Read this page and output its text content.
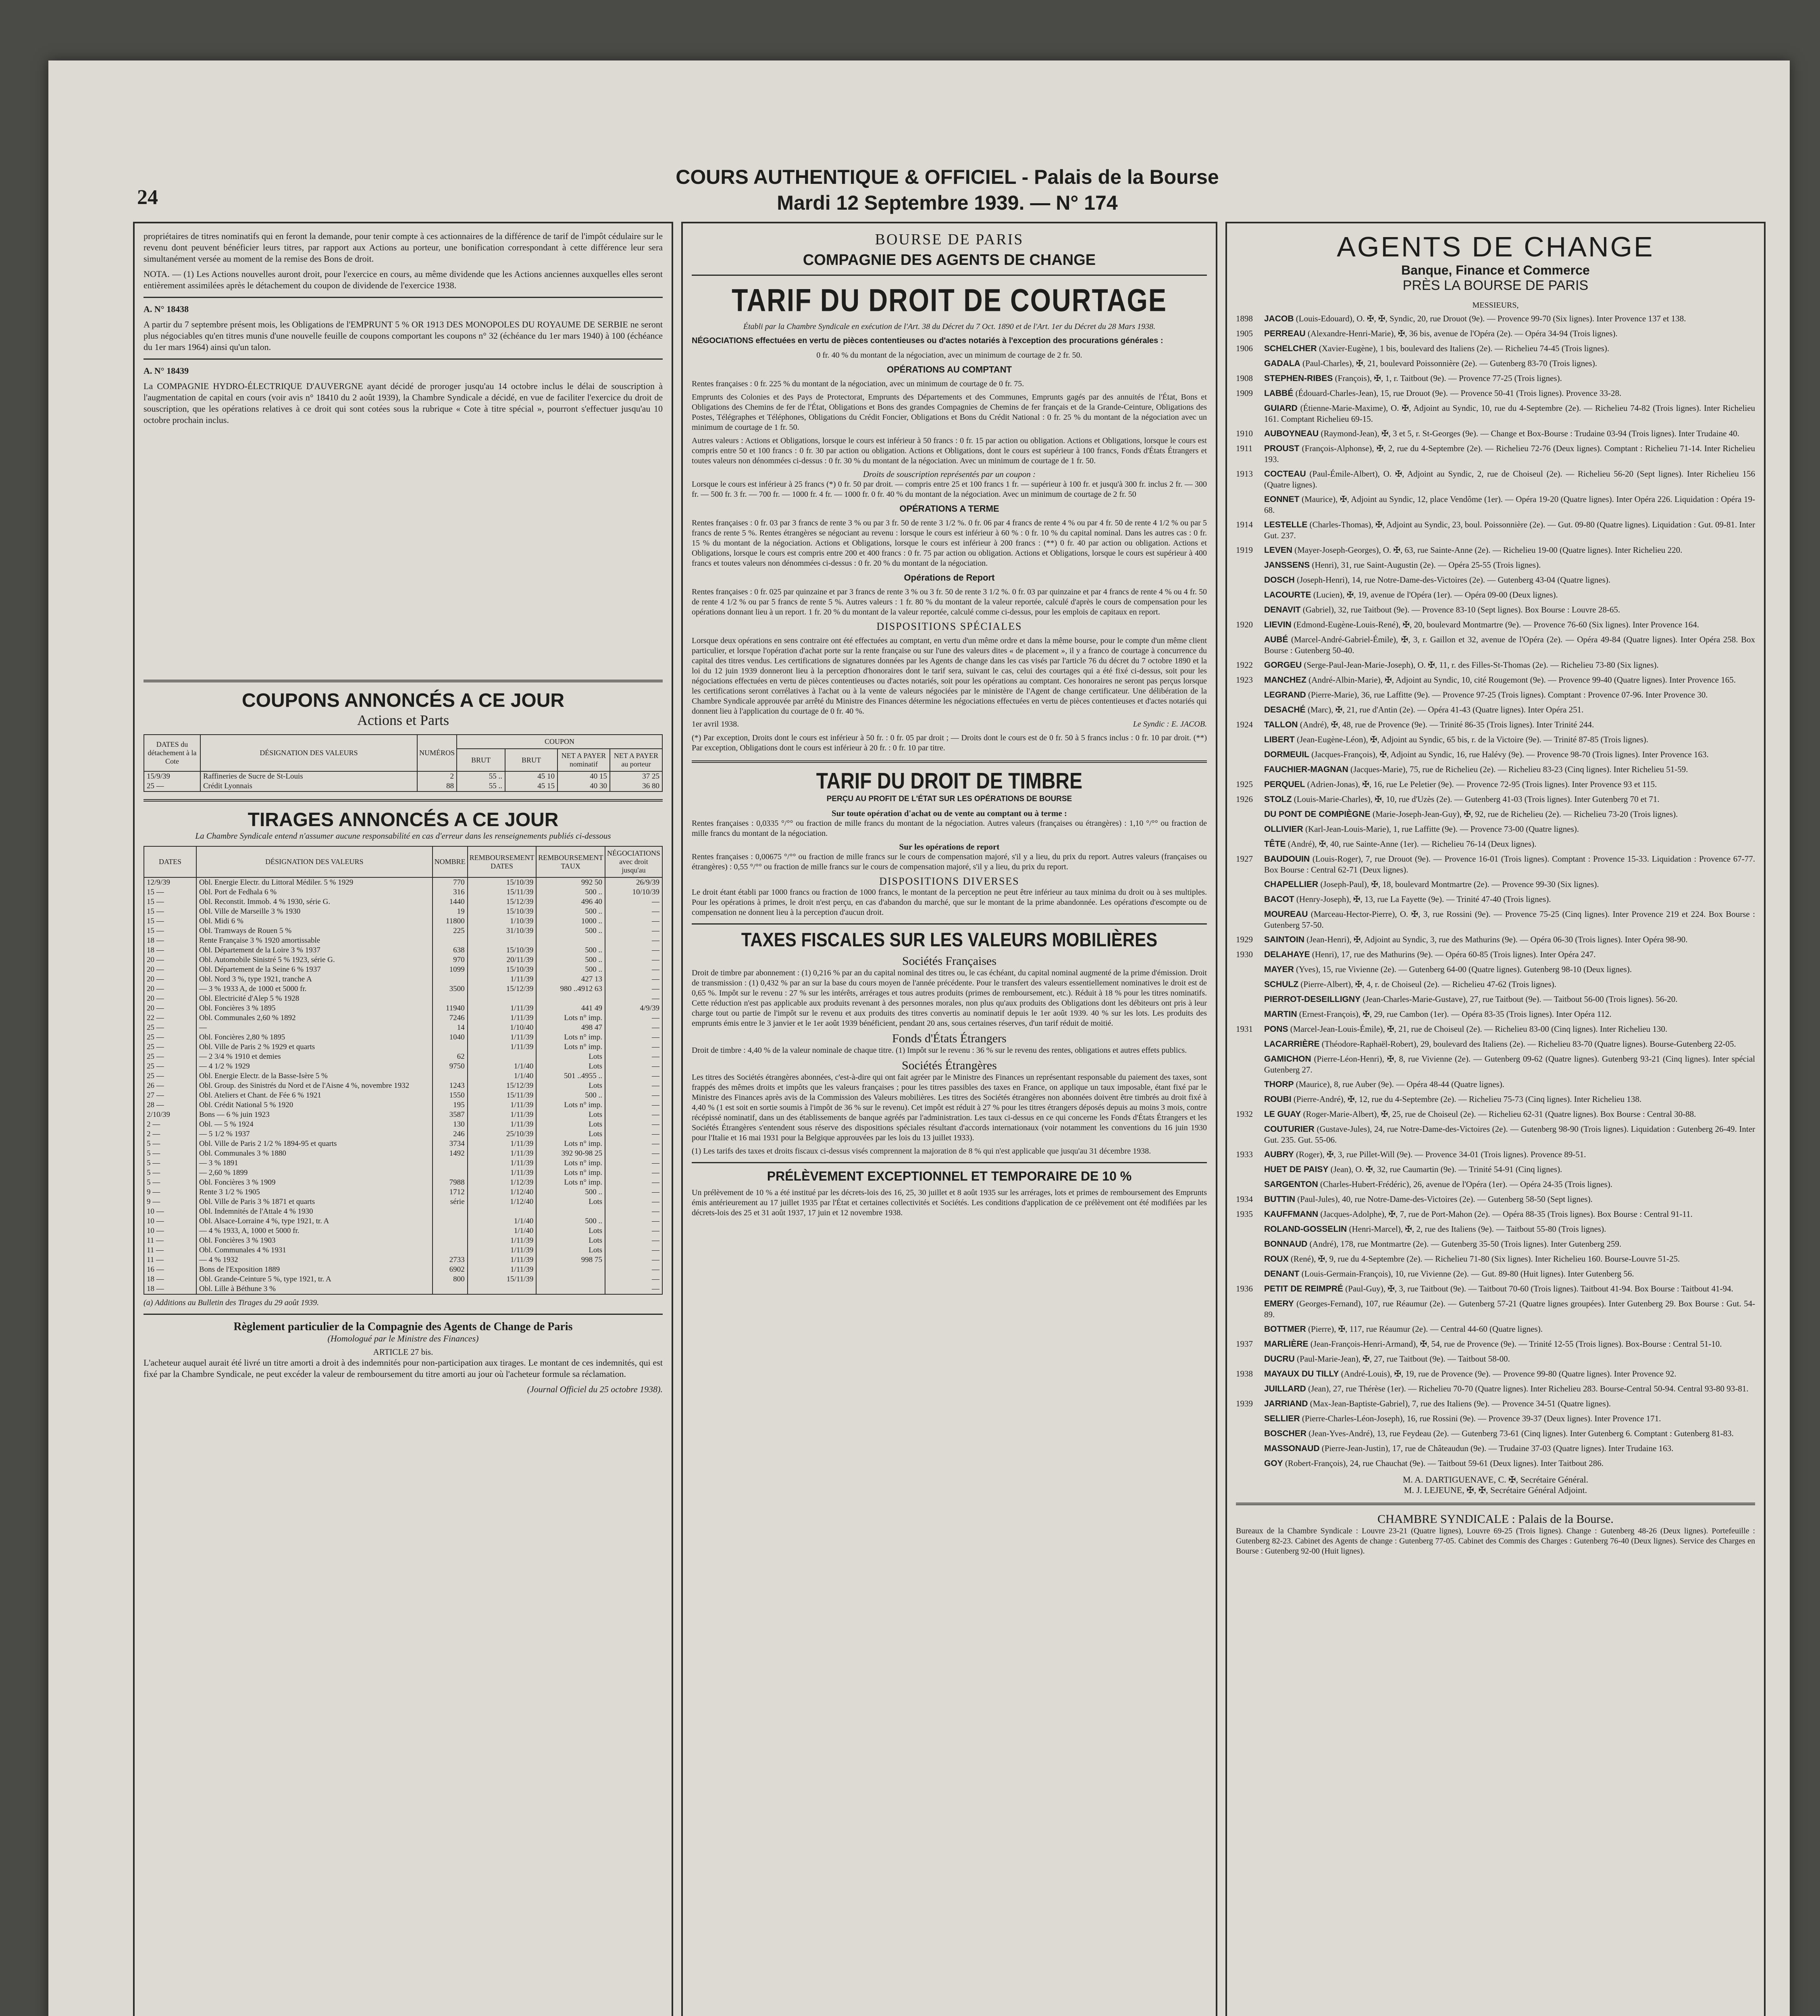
24
COURS AUTHENTIQUE & OFFICIEL - Palais de la Bourse
Mardi 12 Septembre 1939. — N° 174

propriétaires de titres nominatifs qui en feront la demande, pour tenir compte à ces actionnaires de la différence de tarif de l'impôt cédulaire sur le revenu dont peuvent bénéficier leurs titres, par rapport aux Actions au porteur, une bonification correspondant à cette différence leur sera simultanément versée au moment de la remise des Bons de droit.

NOTA. — (1) Les Actions nouvelles auront droit, pour l'exercice en cours, au même dividende que les Actions anciennes auxquelles elles seront entièrement assimilées après le détachement du coupon de dividende de l'exercice 1938.

A. N° 18438

A partir du 7 septembre présent mois, les Obligations de l'EMPRUNT 5 % OR 1913 DES MONOPOLES DU ROYAUME DE SERBIE ne seront plus négociables qu'en titres munis d'une nouvelle feuille de coupons comportant les coupons n° 32 (échéance du 1er mars 1940) à 100 (échéance du 1er mars 1964) ainsi qu'un talon.

A. N° 18439

La COMPAGNIE HYDRO-ÉLECTRIQUE D'AUVERGNE ayant décidé de proroger jusqu'au 14 octobre inclus le délai de souscription à l'augmentation de capital en cours (voir avis n° 18410 du 2 août 1939), la Chambre Syndicale a décidé, en vue de faciliter l'exercice du droit de souscription, que les opérations relatives à ce droit qui sont cotées sous la rubrique « Cote à titre spécial », pourront s'effectuer jusqu'au 10 octobre prochain inclus.

COUPONS ANNONCÉS A CE JOUR
Actions et Parts
DATES du détachement à la Cote	DÉSIGNATION DES VALEURS	NUMÉROS	COUPON			
			BRUT	BRUT	NET A PAYER nominatif	NET A PAYER au porteur
15/9/39	Raffineries de Sucre de St-Louis	2	55 ..	45 10	40 15	37 25
25 —	Crédit Lyonnais	88	55 ..	45 15	40 30	36 80
TIRAGES ANNONCÉS A CE JOUR
La Chambre Syndicale entend n'assumer aucune responsabilité en cas d'erreur dans les renseignements publiés ci-dessous
DATES	DÉSIGNATION DES VALEURS	NOMBRE	REMBOURSEMENT DATES	REMBOURSEMENT TAUX	NÉGOCIATIONS avec droit jusqu'au
12/9/39	Obl. Energie Electr. du Littoral Médiler. 5 % 1929	770	15/10/39	992 50	26/9/39
15 —	Obl. Port de Fedhala 6 %	316	15/11/39	500 ..	10/10/39
15 —	Obl. Reconstit. Immob. 4 % 1930, série G.	1440	15/12/39	496 40	—
15 —	Obl. Ville de Marseille 3 % 1930	19	15/10/39	500 ..	—
15 —	Obl. Midi 6 %	11800	1/10/39	1000 ..	—
15 —	Obl. Tramways de Rouen 5 %	225	31/10/39	500 ..	—
18 —	Rente Française 3 % 1920 amortissable				—
18 —	Obl. Département de la Loire 3 % 1937	638	15/10/39	500 ..	—
20 —	Obl. Automobile Sinistré 5 % 1923, série G.	970	20/11/39	500 ..	—
20 —	Obl. Département de la Seine 6 % 1937	1099	15/10/39	500 ..	—
20 —	Obl. Nord 3 %, type 1921, tranche A		1/11/39	427 13	—
20 —	— 3 % 1933 A, de 1000 et 5000 fr.	3500	15/12/39	980 ..4912 63	—
20 —	Obl. Electricité d'Alep 5 % 1928				—
20 —	Obl. Foncières 3 % 1895	11940	1/11/39	441 49	4/9/39
22 —	Obl. Communales 2,60 % 1892	7246	1/11/39	Lots n° imp.	—
25 —	—	14	1/10/40	498 47	—
25 —	Obl. Foncières 2,80 % 1895	1040	1/11/39	Lots n° imp.	—
25 —	Obl. Ville de Paris 2 % 1929 et quarts		1/11/39	Lots n° imp.	—
25 —	— 2 3/4 % 1910 et demies	62		Lots	—
25 —	— 4 1/2 % 1929	9750	1/1/40	Lots	—
25 —	Obl. Energie Electr. de la Basse-Isère 5 %		1/1/40	501 ..4955 ..	—
26 —	Obl. Group. des Sinistrés du Nord et de l'Aisne 4 %, novembre 1932	1243	15/12/39	Lots	—
27 —	Obl. Ateliers et Chant. de Fée 6 % 1921	1550	15/11/39	500 ..	—
28 —	Obl. Crédit National 5 % 1920	195	1/11/39	Lots n° imp.	—
2/10/39	Bons — 6 % juin 1923	3587	1/11/39	Lots	—
2 —	Obl. — 5 % 1924	130	1/11/39	Lots	—
2 —	— 5 1/2 % 1937	246	25/10/39	Lots	—
5 —	Obl. Ville de Paris 2 1/2 % 1894-95 et quarts	3734	1/11/39	Lots n° imp.	—
5 —	Obl. Communales 3 % 1880	1492	1/11/39	392 90-98 25	—
5 —	— 3 % 1891		1/11/39	Lots n° imp.	—
5 —	— 2,60 % 1899		1/11/39	Lots n° imp.	—
5 —	Obl. Foncières 3 % 1909	7988	1/12/39	Lots n° imp.	—
9 —	Rente 3 1/2 % 1905	1712	1/12/40	500 ..	—
9 —	Obl. Ville de Paris 3 % 1871 et quarts	série	1/12/40	Lots	—
10 —	Obl. Indemnités de l'Attale 4 % 1930				—
10 —	Obl. Alsace-Lorraine 4 %, type 1921, tr. A		1/1/40	500 ..	—
10 —	— 4 % 1933, A, 1000 et 5000 fr.		1/1/40	Lots	—
11 —	Obl. Foncières 3 % 1903		1/11/39	Lots	—
11 —	Obl. Communales 4 % 1931		1/11/39	Lots	—
11 —	— 4 % 1932	2733	1/11/39	998 75	—
16 —	Bons de l'Exposition 1889	6902	1/11/39		—
18 —	Obl. Grande-Ceinture 5 %, type 1921, tr. A	800	15/11/39		—
18 —	Obl. Lille à Béthune 3 %				—

(a) Additions au Bulletin des Tirages du 29 août 1939.

Règlement particulier de la Compagnie des Agents de Change de Paris
(Homologué par le Ministre des Finances)
ARTICLE 27 bis.

L'acheteur auquel aurait été livré un titre amorti a droit à des indemnités pour non-participation aux tirages. Le montant de ces indemnités, qui est fixé par la Chambre Syndicale, ne peut excéder la valeur de remboursement du titre amorti au jour où l'acheteur formule sa réclamation.

(Journal Officiel du 25 octobre 1938).

BOURSE DE PARIS
COMPAGNIE DES AGENTS DE CHANGE
TARIF DU DROIT DE COURTAGE

Établi par la Chambre Syndicale en exécution de l'Art. 38 du Décret du 7 Oct. 1890 et de l'Art. 1er du Décret du 28 Mars 1938.

NÉGOCIATIONS effectuées en vertu de pièces contentieuses ou d'actes notariés à l'exception des procurations générales :

0 fr. 40 % du montant de la négociation, avec un minimum de courtage de 2 fr. 50.

OPÉRATIONS AU COMPTANT

Rentes françaises : 0 fr. 225 % du montant de la négociation, avec un minimum de courtage de 0 fr. 75.

Emprunts des Colonies et des Pays de Protectorat, Emprunts des Départements et des Communes, Emprunts gagés par des annuités de l'État, Bons et Obligations des Chemins de fer de l'État, Obligations et Bons des grandes Compagnies de Chemins de fer français et de la Grande-Ceinture, Obligations des Postes, Télégraphes et Téléphones, Obligations du Crédit Foncier, Obligations et Bons du Crédit National : 0 fr. 25 % du montant de la négociation avec un minimum de courtage de 1 fr. 50.

Autres valeurs : Actions et Obligations, lorsque le cours est inférieur à 50 francs : 0 fr. 15 par action ou obligation. Actions et Obligations, lorsque le cours est compris entre 50 et 100 francs : 0 fr. 30 par action ou obligation. Actions et Obligations, dont le cours est supérieur à 100 francs, Fonds d'États Étrangers et toutes valeurs non dénommées ci-dessus : 0 fr. 30 % du montant de la négociation. Avec un minimum de courtage de 1 fr. 50.

Droits de souscription représentés par un coupon :

Lorsque le cours est inférieur à 25 francs (*) 0 fr. 50 par droit. — compris entre 25 et 100 francs 1 fr. — supérieur à 100 fr. et jusqu'à 300 fr. inclus 2 fr. — 300 fr. — 500 fr. 3 fr. — 700 fr. — 1000 fr. 4 fr. — 1000 fr. 0 fr. 40 % du montant de la négociation. Avec un minimum de courtage de 2 fr. 50

OPÉRATIONS A TERME

Rentes françaises : 0 fr. 03 par 3 francs de rente 3 % ou par 3 fr. 50 de rente 3 1/2 %. 0 fr. 06 par 4 francs de rente 4 % ou par 4 fr. 50 de rente 4 1/2 % ou par 5 francs de rente 5 %. Rentes étrangères se négociant au revenu : lorsque le cours est inférieur à 60 % : 0 fr. 10 % du capital nominal. Dans les autres cas : 0 fr. 15 % du montant de la négociation. Actions et Obligations, lorsque le cours est inférieur à 200 francs : (**) 0 fr. 40 par action ou obligation. Actions et Obligations, lorsque le cours est compris entre 200 et 400 francs : 0 fr. 75 par action ou obligation. Actions et Obligations, lorsque le cours est supérieur à 400 francs et toutes valeurs non dénommées ci-dessus : 0 fr. 20 % du montant de la négociation.

Opérations de Report

Rentes françaises : 0 fr. 025 par quinzaine et par 3 francs de rente 3 % ou 3 fr. 50 de rente 3 1/2 %. 0 fr. 03 par quinzaine et par 4 francs de rente 4 % ou 4 fr. 50 de rente 4 1/2 % ou par 5 francs de rente 5 %. Autres valeurs : 1 fr. 80 % du montant de la valeur reportée, calculé d'après le cours de compensation pour les opérations donnant lieu à un report. 1 fr. 20 % du montant de la valeur reportée, calculé comme ci-dessus, pour les emplois de capitaux en report.

DISPOSITIONS SPÉCIALES

Lorsque deux opérations en sens contraire ont été effectuées au comptant, en vertu d'un même ordre et dans la même bourse, pour le compte d'un même client particulier, et lorsque l'opération d'achat porte sur la rente française ou sur l'une des valeurs dites « de placement », il y a franco de courtage à concurrence du capital des titres vendus. Les certifications de signatures données par les Agents de change dans les cas visés par l'article 76 du décret du 7 octobre 1890 et la loi du 12 juin 1939 donneront lieu à la perception d'honoraires dont le tarif sera, suivant le cas, celui des courtages qui a été fixé ci-dessus, soit pour les négociations effectuées en vertu de pièces contentieuses ou d'actes notariés, soit pour les opérations au comptant. Ces honoraires ne seront pas perçus lorsque les certifications seront corrélatives à l'achat ou à la vente de valeurs négociées par le ministère de l'Agent de change certificateur. Une délibération de la Chambre Syndicale approuvée par arrêté du Ministre des Finances détermine les négociations effectuées en vertu de pièces contentieuses et d'actes notariés qui donnent lieu à l'application du courtage de 0 fr. 40 %.

1er avril 1938.	Le Syndic : E. JACOB.

(*) Par exception, Droits dont le cours est inférieur à 50 fr. : 0 fr. 05 par droit ; — Droits dont le cours est de 0 fr. 50 à 5 francs inclus : 0 fr. 10 par droit. (**) Par exception, Obligations dont le cours est inférieur à 20 fr. : 0 fr. 10 par titre.

TARIF DU DROIT DE TIMBRE
PERÇU AU PROFIT DE L'ÉTAT SUR LES OPÉRATIONS DE BOURSE
Sur toute opération d'achat ou de vente au comptant ou à terme :

Rentes françaises : 0,0335 °/°° ou fraction de mille francs du montant de la négociation. Autres valeurs (françaises ou étrangères) : 1,10 °/°° ou fraction de mille francs du montant de la négociation.

Sur les opérations de report

Rentes françaises : 0,00675 °/°° ou fraction de mille francs sur le cours de compensation majoré, s'il y a lieu, du prix du report. Autres valeurs (françaises ou étrangères) : 0,55 °/°° ou fraction de mille francs sur le cours de compensation majoré, s'il y a lieu, du prix du report.

DISPOSITIONS DIVERSES

Le droit étant établi par 1000 francs ou fraction de 1000 francs, le montant de la perception ne peut être inférieur au taux minima du droit ou à ses multiples. Pour les opérations à primes, le droit n'est perçu, en cas d'abandon du marché, que sur le montant de la prime abandonnée. Les opérations d'escompte ou de compensation ne donnent lieu à la perception d'aucun droit.

TAXES FISCALES SUR LES VALEURS MOBILIÈRES
Sociétés Françaises

Droit de timbre par abonnement : (1) 0,216 % par an du capital nominal des titres ou, le cas échéant, du capital nominal augmenté de la prime d'émission. Droit de transmission : (1) 0,432 % par an sur la base du cours moyen de l'année précédente. Pour le transfert des valeurs essentiellement nominatives le droit est de 0,65 %. Impôt sur le revenu : 27 % sur les intérêts, arrérages et tous autres produits (primes de remboursement, etc.). Réduit à 18 % pour les titres nominatifs. Cette réduction n'est pas applicable aux produits revenant à des personnes morales, non plus qu'aux produits des Obligations dont les débiteurs ont pris à leur charge tout ou partie de l'impôt sur le revenu et aux produits des titres convertis au nominatif depuis le 1er août 1939. 40 % sur les lots. Les produits des emprunts émis entre le 3 janvier et le 1er août 1939 bénéficient, pendant 20 ans, sous certaines réserves, d'un tarif réduit de moitié.

Fonds d'États Étrangers

Droit de timbre : 4,40 % de la valeur nominale de chaque titre. (1) Impôt sur le revenu : 36 % sur le revenu des rentes, obligations et autres effets publics.

Sociétés Étrangères

Les titres des Sociétés étrangères abonnées, c'est-à-dire qui ont fait agréer par le Ministre des Finances un représentant responsable du paiement des taxes, sont frappés des mêmes droits et impôts que les valeurs françaises ; pour les titres passibles des taxes en France, on applique un taux imposable, étant fixé par le Ministre des Finances après avis de la Commission des Valeurs mobilières. Les titres des Sociétés étrangères non abonnées doivent être timbrés au droit fixé à 4,40 % (1 est soit en sortie soumis à l'impôt de 36 % sur le revenu). Cet impôt est réduit à 27 % pour les titres étrangers déposés depuis au moins 3 mois, contre récépissé nominatif, dans un des établissements de banque agréés par l'administration. Les taux ci-dessus en ce qui concerne les Fonds d'États Étrangers et les Sociétés Étrangères s'entendent sous réserve des dispositions spéciales résultant d'accords internationaux (voir notamment les conventions du 16 juin 1930 pour l'Italie et 16 mai 1931 pour la Belgique approuvées par les lois du 13 juillet 1933).

(1) Les tarifs des taxes et droits fiscaux ci-dessus visés comprennent la majoration de 8 % qui n'est applicable que jusqu'au 31 décembre 1938.

PRÉLÈVEMENT EXCEPTIONNEL ET TEMPORAIRE DE 10 %

Un prélèvement de 10 % a été institué par les décrets-lois des 16, 25, 30 juillet et 8 août 1935 sur les arrérages, lots et primes de remboursement des Emprunts émis antérieurement au 17 juillet 1935 par l'État et certaines collectivités et Sociétés. Les conditions d'application de ce prélèvement ont été modifiées par les décrets-lois des 25 et 31 août 1937, 17 juin et 12 novembre 1938.

AGENTS DE CHANGE
Banque, Finance et Commerce
PRÈS LA BOURSE DE PARIS
MESSIEURS,
1898	JACOB (Louis-Edouard), O. ✠, ✠, Syndic, 20, rue Drouot (9e). — Provence 99-70 (Six lignes). Inter Provence 137 et 138.
1905	PERREAU (Alexandre-Henri-Marie), ✠, 36 bis, avenue de l'Opéra (2e). — Opéra 34-94 (Trois lignes).
1906	SCHELCHER (Xavier-Eugène), 1 bis, boulevard des Italiens (2e). — Richelieu 74-45 (Trois lignes).
GADALA (Paul-Charles), ✠, 21, boulevard Poissonnière (2e). — Gutenberg 83-70 (Trois lignes).
1908	STEPHEN-RIBES (François), ✠, 1, r. Taitbout (9e). — Provence 77-25 (Trois lignes).
1909	LABBÉ (Édouard-Charles-Jean), 15, rue Drouot (9e). — Provence 50-41 (Trois lignes). Provence 33-28.
GUIARD (Étienne-Marie-Maxime), O. ✠, Adjoint au Syndic, 10, rue du 4-Septembre (2e). — Richelieu 74-82 (Trois lignes). Inter Richelieu 161. Comptant Richelieu 69-15.
1910	AUBOYNEAU (Raymond-Jean), ✠, 3 et 5, r. St-Georges (9e). — Change et Box-Bourse : Trudaine 03-94 (Trois lignes). Inter Trudaine 40.
1911	PROUST (François-Alphonse), ✠, 2, rue du 4-Septembre (2e). — Richelieu 72-76 (Deux lignes). Comptant : Richelieu 71-14. Inter Richelieu 193.
1913	COCTEAU (Paul-Émile-Albert), O. ✠, Adjoint au Syndic, 2, rue de Choiseul (2e). — Richelieu 56-20 (Sept lignes). Inter Richelieu 156 (Quatre lignes).
EONNET (Maurice), ✠, Adjoint au Syndic, 12, place Vendôme (1er). — Opéra 19-20 (Quatre lignes). Inter Opéra 226. Liquidation : Opéra 19-68.
1914	LESTELLE (Charles-Thomas), ✠, Adjoint au Syndic, 23, boul. Poissonnière (2e). — Gut. 09-80 (Quatre lignes). Liquidation : Gut. 09-81. Inter Gut. 237.
1919	LEVEN (Mayer-Joseph-Georges), O. ✠, 63, rue Sainte-Anne (2e). — Richelieu 19-00 (Quatre lignes). Inter Richelieu 220.
JANSSENS (Henri), 31, rue Saint-Augustin (2e). — Opéra 25-55 (Trois lignes).
DOSCH (Joseph-Henri), 14, rue Notre-Dame-des-Victoires (2e). — Gutenberg 43-04 (Quatre lignes).
LACOURTE (Lucien), ✠, 19, avenue de l'Opéra (1er). — Opéra 09-00 (Deux lignes).
DENAVIT (Gabriel), 32, rue Taitbout (9e). — Provence 83-10 (Sept lignes). Box Bourse : Louvre 28-65.
1920	LIEVIN (Edmond-Eugène-Louis-René), ✠, 20, boulevard Montmartre (9e). — Provence 76-60 (Six lignes). Inter Provence 164.
AUBÉ (Marcel-André-Gabriel-Émile), ✠, 3, r. Gaillon et 32, avenue de l'Opéra (2e). — Opéra 49-84 (Quatre lignes). Inter Opéra 258. Box Bourse : Gutenberg 50-40.
1922	GORGEU (Serge-Paul-Jean-Marie-Joseph), O. ✠, 11, r. des Filles-St-Thomas (2e). — Richelieu 73-80 (Six lignes).
1923	MANCHEZ (André-Albin-Marie), ✠, Adjoint au Syndic, 10, cité Rougemont (9e). — Provence 99-40 (Quatre lignes). Inter Provence 165.
LEGRAND (Pierre-Marie), 36, rue Laffitte (9e). — Provence 97-25 (Trois lignes). Comptant : Provence 07-96. Inter Provence 30.
DESACHÉ (Marc), ✠, 21, rue d'Antin (2e). — Opéra 41-43 (Quatre lignes). Inter Opéra 251.
1924	TALLON (André), ✠, 48, rue de Provence (9e). — Trinité 86-35 (Trois lignes). Inter Trinité 244.
LIBERT (Jean-Eugène-Léon), ✠, Adjoint au Syndic, 65 bis, r. de la Victoire (9e). — Trinité 87-85 (Trois lignes).
DORMEUIL (Jacques-François), ✠, Adjoint au Syndic, 16, rue Halévy (9e). — Provence 98-70 (Trois lignes). Inter Provence 163.
FAUCHIER-MAGNAN (Jacques-Marie), 75, rue de Richelieu (2e). — Richelieu 83-23 (Cinq lignes). Inter Richelieu 51-59.
1925	PERQUEL (Adrien-Jonas), ✠, 16, rue Le Peletier (9e). — Provence 72-95 (Trois lignes). Inter Provence 93 et 115.
1926	STOLZ (Louis-Marie-Charles), ✠, 10, rue d'Uzès (2e). — Gutenberg 41-03 (Trois lignes). Inter Gutenberg 70 et 71.
DU PONT DE COMPIÈGNE (Marie-Joseph-Jean-Guy), ✠, 92, rue de Richelieu (2e). — Richelieu 73-20 (Trois lignes).
OLLIVIER (Karl-Jean-Louis-Marie), 1, rue Laffitte (9e). — Provence 73-00 (Quatre lignes).
TÊTE (André), ✠, 40, rue Sainte-Anne (1er). — Richelieu 76-14 (Deux lignes).
1927	BAUDOUIN (Louis-Roger), 7, rue Drouot (9e). — Provence 16-01 (Trois lignes). Comptant : Provence 15-33. Liquidation : Provence 67-77. Box Bourse : Central 62-71 (Deux lignes).
CHAPELLIER (Joseph-Paul), ✠, 18, boulevard Montmartre (2e). — Provence 99-30 (Six lignes).
BACOT (Henry-Joseph), ✠, 13, rue La Fayette (9e). — Trinité 47-40 (Trois lignes).
MOUREAU (Marceau-Hector-Pierre), O. ✠, 3, rue Rossini (9e). — Provence 75-25 (Cinq lignes). Inter Provence 219 et 224. Box Bourse : Gutenberg 57-50.
1929	SAINTOIN (Jean-Henri), ✠, Adjoint au Syndic, 3, rue des Mathurins (9e). — Opéra 06-30 (Trois lignes). Inter Opéra 98-90.
1930	DELAHAYE (Henri), 17, rue des Mathurins (9e). — Opéra 60-85 (Trois lignes). Inter Opéra 247.
MAYER (Yves), 15, rue Vivienne (2e). — Gutenberg 64-00 (Quatre lignes). Gutenberg 98-10 (Deux lignes).
SCHULZ (Pierre-Albert), ✠, 4, r. de Choiseul (2e). — Richelieu 47-62 (Trois lignes).
PIERROT-DESEILLIGNY (Jean-Charles-Marie-Gustave), 27, rue Taitbout (9e). — Taitbout 56-00 (Trois lignes). 56-20.
MARTIN (Ernest-François), ✠, 29, rue Cambon (1er). — Opéra 83-35 (Trois lignes). Inter Opéra 112.
1931	PONS (Marcel-Jean-Louis-Émile), ✠, 21, rue de Choiseul (2e). — Richelieu 83-00 (Cinq lignes). Inter Richelieu 130.
LACARRIÈRE (Théodore-Raphaël-Robert), 29, boulevard des Italiens (2e). — Richelieu 83-70 (Quatre lignes). Bourse-Gutenberg 22-05.
GAMICHON (Pierre-Léon-Henri), ✠, 8, rue Vivienne (2e). — Gutenberg 09-62 (Quatre lignes). Gutenberg 93-21 (Cinq lignes). Inter spécial Gutenberg 27.
THORP (Maurice), 8, rue Auber (9e). — Opéra 48-44 (Quatre lignes).
ROUBI (Pierre-André), ✠, 12, rue du 4-Septembre (2e). — Richelieu 75-73 (Cinq lignes). Inter Richelieu 138.
1932	LE GUAY (Roger-Marie-Albert), ✠, 25, rue de Choiseul (2e). — Richelieu 62-31 (Quatre lignes). Box Bourse : Central 30-88.
COUTURIER (Gustave-Jules), 24, rue Notre-Dame-des-Victoires (2e). — Gutenberg 98-90 (Trois lignes). Liquidation : Gutenberg 26-49. Inter Gut. 235. Gut. 55-06.
1933	AUBRY (Roger), ✠, 3, rue Pillet-Will (9e). — Provence 34-01 (Trois lignes). Provence 89-51.
HUET DE PAISY (Jean), O. ✠, 32, rue Caumartin (9e). — Trinité 54-91 (Cinq lignes).
SARGENTON (Charles-Hubert-Frédéric), 26, avenue de l'Opéra (1er). — Opéra 24-35 (Trois lignes).
1934	BUTTIN (Paul-Jules), 40, rue Notre-Dame-des-Victoires (2e). — Gutenberg 58-50 (Sept lignes).
1935	KAUFFMANN (Jacques-Adolphe), ✠, 7, rue de Port-Mahon (2e). — Opéra 88-35 (Trois lignes). Box Bourse : Central 91-11.
ROLAND-GOSSELIN (Henri-Marcel), ✠, 2, rue des Italiens (9e). — Taitbout 55-80 (Trois lignes).
BONNAUD (André), 178, rue Montmartre (2e). — Gutenberg 35-50 (Trois lignes). Inter Gutenberg 259.
ROUX (René), ✠, 9, rue du 4-Septembre (2e). — Richelieu 71-80 (Six lignes). Inter Richelieu 160. Bourse-Louvre 51-25.
DENANT (Louis-Germain-François), 10, rue Vivienne (2e). — Gut. 89-80 (Huit lignes). Inter Gutenberg 56.
1936	PETIT DE REIMPRÉ (Paul-Guy), ✠, 3, rue Taitbout (9e). — Taitbout 70-60 (Trois lignes). Taitbout 41-94. Box Bourse : Taitbout 41-94.
EMERY (Georges-Fernand), 107, rue Réaumur (2e). — Gutenberg 57-21 (Quatre lignes groupées). Inter Gutenberg 29. Box Bourse : Gut. 54-89.
BOTTMER (Pierre), ✠, 117, rue Réaumur (2e). — Central 44-60 (Quatre lignes).
1937	MARLIÈRE (Jean-François-Henri-Armand), ✠, 54, rue de Provence (9e). — Trinité 12-55 (Trois lignes). Box-Bourse : Central 51-10.
DUCRU (Paul-Marie-Jean), ✠, 27, rue Taitbout (9e). — Taitbout 58-00.
1938	MAYAUX DU TILLY (André-Louis), ✠, 19, rue de Provence (9e). — Provence 99-80 (Quatre lignes). Inter Provence 92.
JUILLARD (Jean), 27, rue Thérèse (1er). — Richelieu 70-70 (Quatre lignes). Inter Richelieu 283. Bourse-Central 50-94. Central 93-80 93-81.
1939	JARRIAND (Max-Jean-Baptiste-Gabriel), 7, rue des Italiens (9e). — Provence 34-51 (Quatre lignes).
SELLIER (Pierre-Charles-Léon-Joseph), 16, rue Rossini (9e). — Provence 39-37 (Deux lignes). Inter Provence 171.
BOSCHER (Jean-Yves-André), 13, rue Feydeau (2e). — Gutenberg 73-61 (Cinq lignes). Inter Gutenberg 6. Comptant : Gutenberg 81-83.
MASSONAUD (Pierre-Jean-Justin), 17, rue de Châteaudun (9e). — Trudaine 37-03 (Quatre lignes). Inter Trudaine 163.
GOY (Robert-François), 24, rue Chauchat (9e). — Taitbout 59-61 (Deux lignes). Inter Taitbout 286.
M. A. DARTIGUENAVE, C. ✠, Secrétaire Général.
M. J. LEJEUNE, ✠, ✠, Secrétaire Général Adjoint.
CHAMBRE SYNDICALE : Palais de la Bourse.

Bureaux de la Chambre Syndicale : Louvre 23-21 (Quatre lignes), Louvre 69-25 (Trois lignes). Change : Gutenberg 48-26 (Deux lignes). Portefeuille : Gutenberg 82-23. Cabinet des Agents de change : Gutenberg 77-05. Cabinet des Commis des Charges : Gutenberg 76-40 (Deux lignes). Service des Charges en Bourse : Gutenberg 92-00 (Huit lignes).
